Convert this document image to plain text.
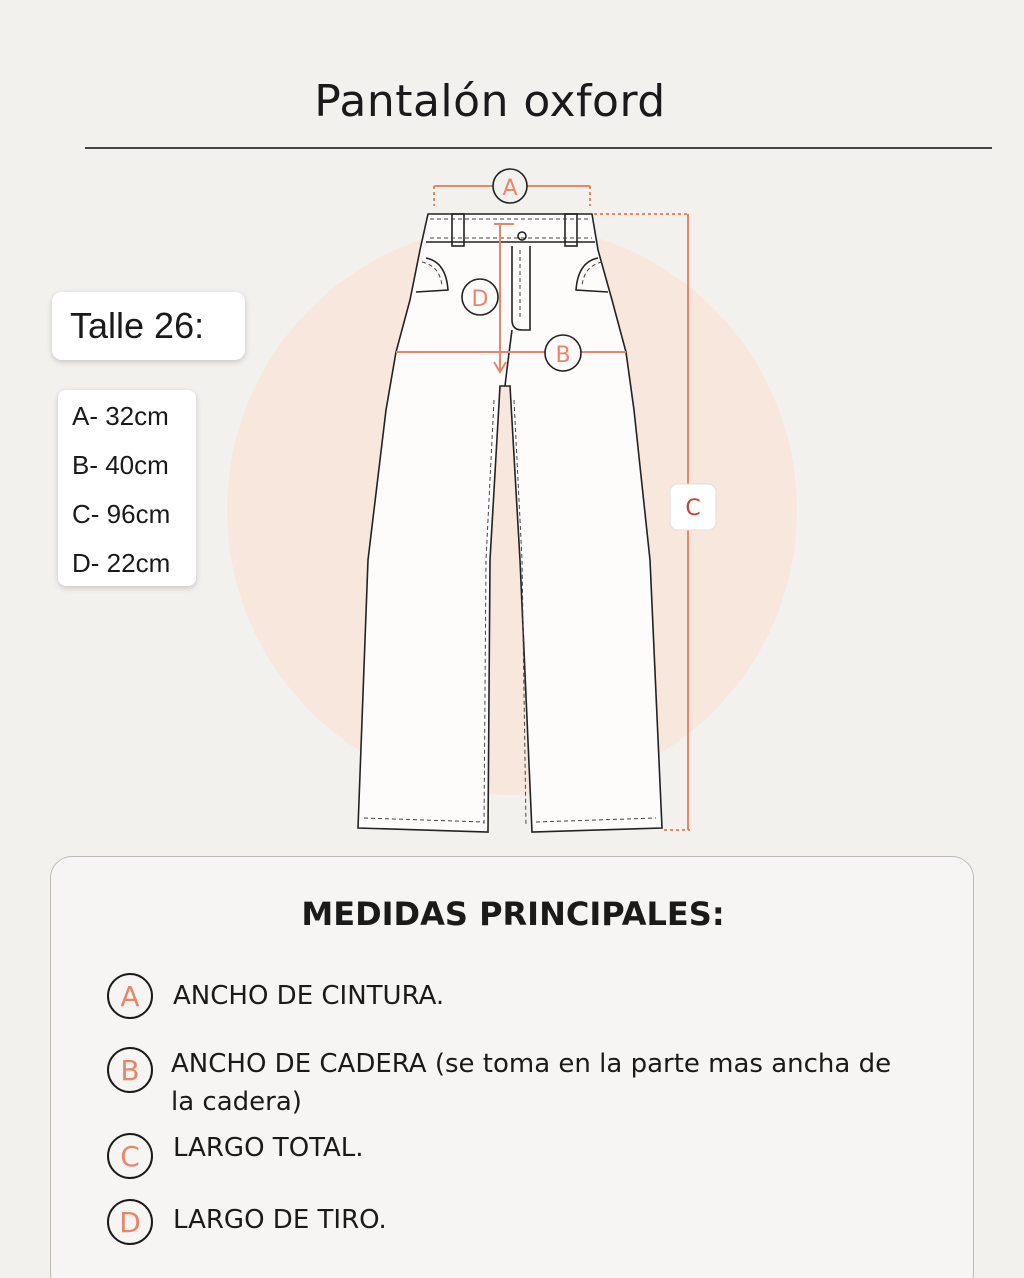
Pantalón oxford
A
B
C
D
Talle 26:
A- 32cm
B- 40cm
C- 96cm
D- 22cm
MEDIDAS PRINCIPALES:
A	ANCHO DE CINTURA.
B	ANCHO DE CADERA (se toma en la parte mas ancha de la cadera)
C	LARGO TOTAL.
D	LARGO DE TIRO.
